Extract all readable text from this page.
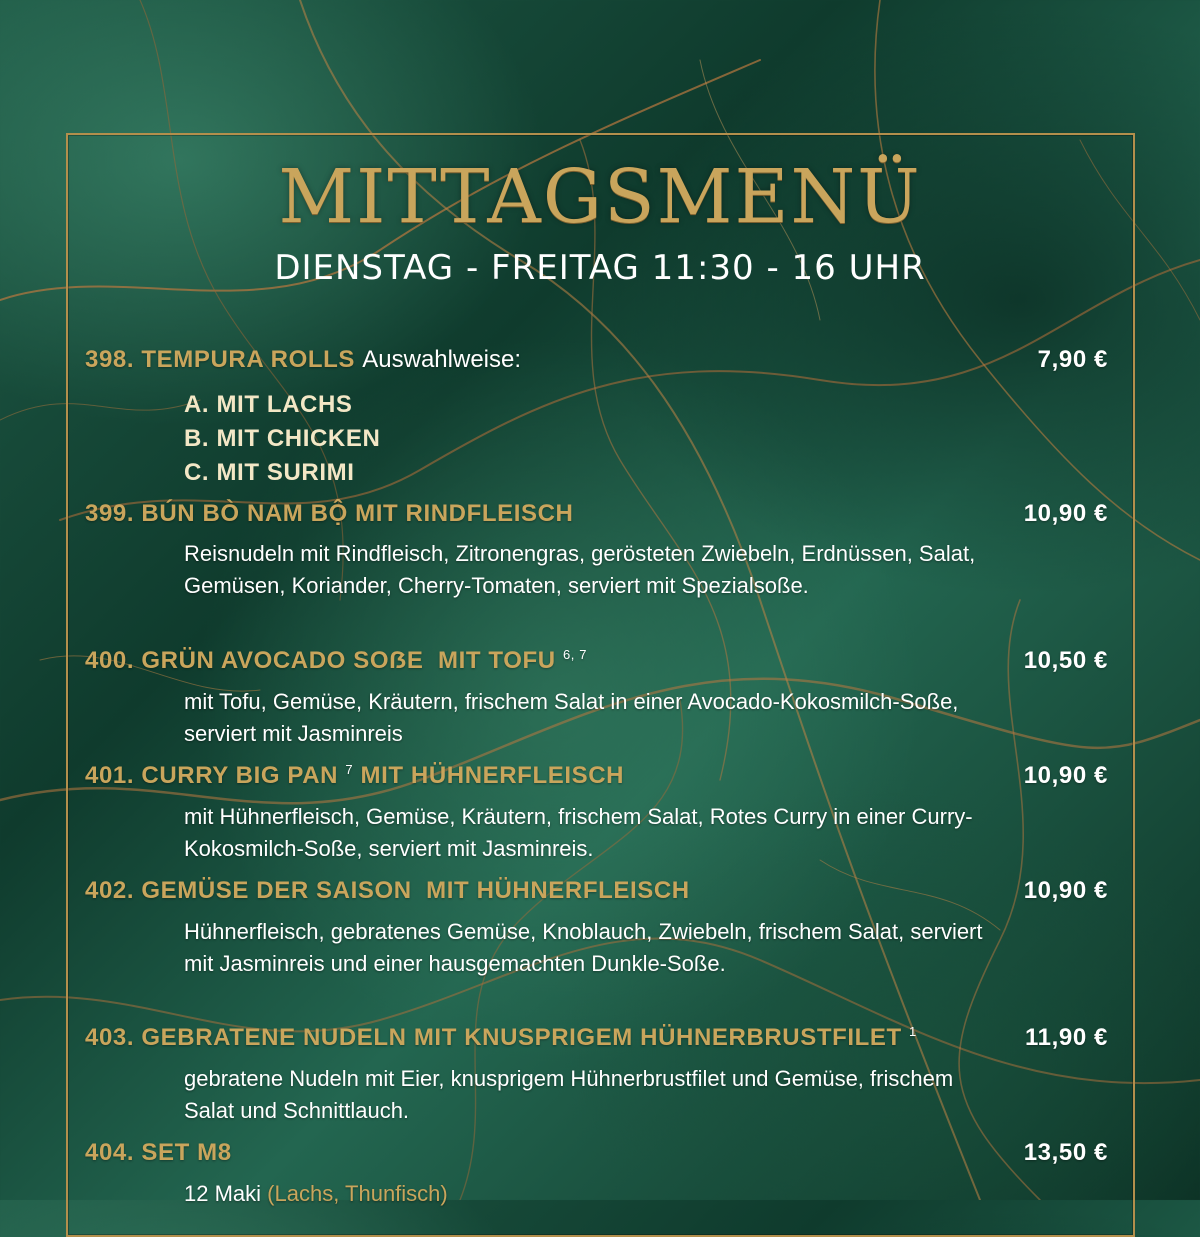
MITTAGSMENÜ

DIENSTAG - FREITAG 11:30 - 16 UHR

398. TEMPURA ROLLS Auswahlweise:	7,90 €
A. MIT LACHS
B. MIT CHICKEN
C. MIT SURIMI
399. BÚN BÒ NAM BỘ MIT RINDFLEISCH	10,90 €

Reisnudeln mit Rindfleisch, Zitronengras, gerösteten Zwiebeln, Erdnüssen, Salat, Gemüsen, Koriander, Cherry-Tomaten, serviert mit Spezialsoße.

400. GRÜN AVOCADO SOẞE  MIT TOFU $^{6, 7}$	10,50 €

mit Tofu, Gemüse, Kräutern, frischem Salat in einer Avocado-Kokosmilch-Soße, serviert mit Jasminreis

401. CURRY BIG PAN $^7$ MIT HÜHNERFLEISCH	10,90 €

mit Hühnerfleisch, Gemüse, Kräutern, frischem Salat, Rotes Curry in einer Curry-Kokosmilch-Soße, serviert mit Jasminreis.

402. GEMÜSE DER SAISON  MIT HÜHNERFLEISCH	10,90 €

Hühnerfleisch, gebratenes Gemüse, Knoblauch, Zwiebeln, frischem Salat, serviert mit Jasminreis und einer hausgemachten Dunkle-Soße.

403. GEBRATENE NUDELN MIT KNUSPRIGEM HÜHNERBRUSTFILET $^1$	11,90 €

gebratene Nudeln mit Eier, knusprigem Hühnerbrustfilet und Gemüse, frischem Salat und Schnittlauch.

404. SET M8	13,50 €

12 Maki (Lachs, Thunfisch)
